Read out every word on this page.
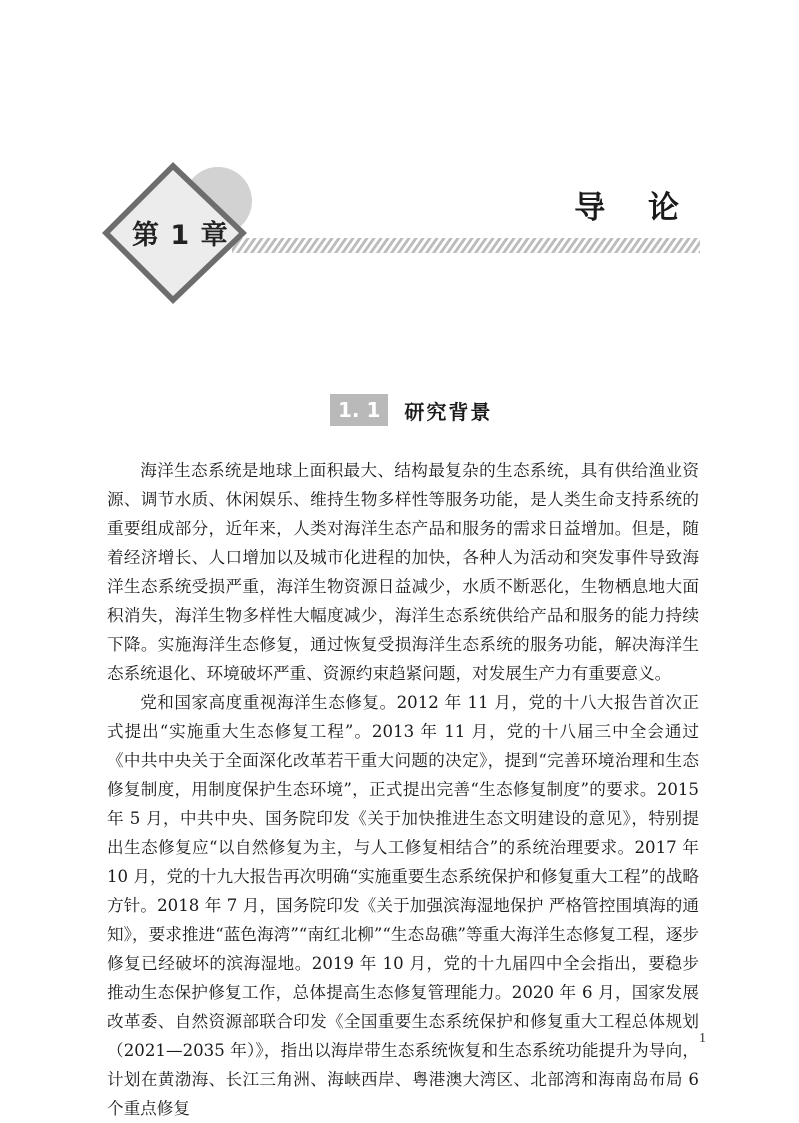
第 1 章
导 论
1. 1	研究背景

海洋生态系统是地球上面积最大、结构最复杂的生态系统，具有供给渔业资源、调节水质、休闲娱乐、维持生物多样性等服务功能，是人类生命支持系统的重要组成部分，近年来，人类对海洋生态产品和服务的需求日益增加。但是，随着经济增长、人口增加以及城市化进程的加快，各种人为活动和突发事件导致海洋生态系统受损严重，海洋生物资源日益减少，水质不断恶化，生物栖息地大面积消失，海洋生物多样性大幅度减少，海洋生态系统供给产品和服务的能力持续下降。实施海洋生态修复，通过恢复受损海洋生态系统的服务功能，解决海洋生态系统退化、环境破坏严重、资源约束趋紧问题，对发展生产力有重要意义。

党和国家高度重视海洋生态修复。2012 年 11 月，党的十八大报告首次正式提出“实施重大生态修复工程”。2013 年 11 月，党的十八届三中全会通过《中共中央关于全面深化改革若干重大问题的决定》，提到“完善环境治理和生态修复制度，用制度保护生态环境”，正式提出完善“生态修复制度”的要求。2015 年 5 月，中共中央、国务院印发《关于加快推进生态文明建设的意见》，特别提出生态修复应“以自然修复为主，与人工修复相结合”的系统治理要求。2017 年 10 月，党的十九大报告再次明确“实施重要生态系统保护和修复重大工程”的战略方针。2018 年 7 月，国务院印发《关于加强滨海湿地保护 严格管控围填海的通知》，要求推进“蓝色海湾”“南红北柳”“生态岛礁”等重大海洋生态修复工程，逐步修复已经破坏的滨海湿地。2019 年 10 月，党的十九届四中全会指出，要稳步推动生态保护修复工作，总体提高生态修复管理能力。2020 年 6 月，国家发展改革委、自然资源部联合印发《全国重要生态系统保护和修复重大工程总体规划（2021—2035 年）》，指出以海岸带生态系统恢复和生态系统功能提升为导向，计划在黄渤海、长江三角洲、海峡西岸、粤港澳大湾区、北部湾和海南岛布局 6 个重点修复

1
